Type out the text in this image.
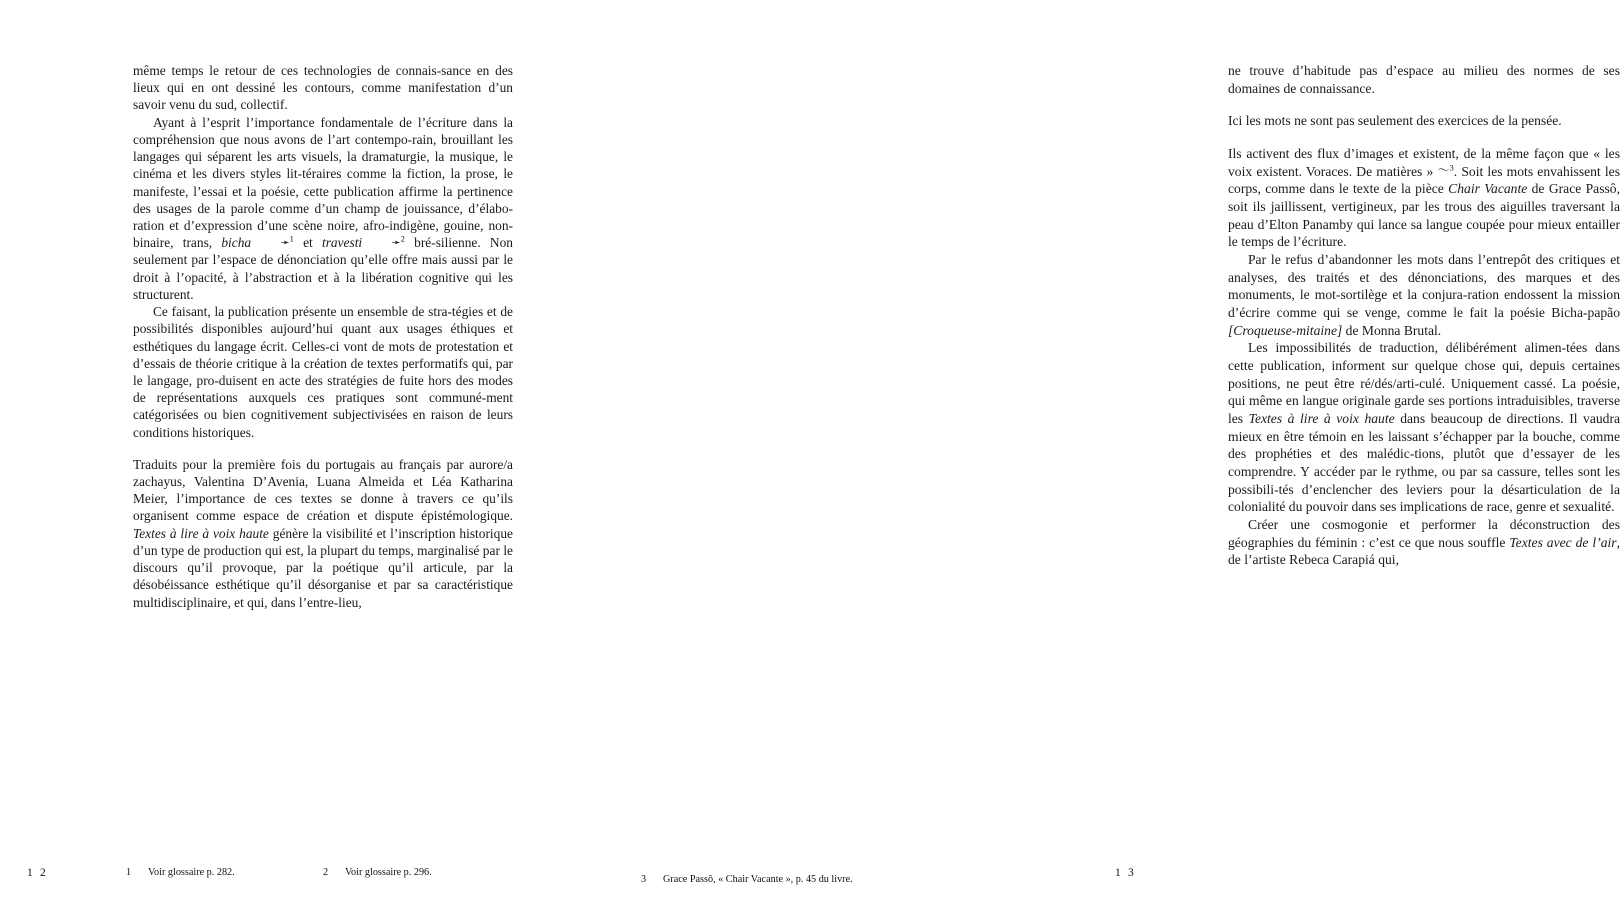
même temps le retour de ces technologies de connais-sance en des lieux qui en ont dessiné les contours, comme manifestation d’un savoir venu du sud, collectif.

Ayant à l’esprit l’importance fondamentale de l’écriture dans la compréhension que nous avons de l’art contempo-rain, brouillant les langages qui séparent les arts visuels, la dramaturgie, la musique, le cinéma et les divers styles lit-téraires comme la fiction, la prose, le manifeste, l’essai et la poésie, cette publication affirme la pertinence des usages de la parole comme d’un champ de jouissance, d’élabo-ration et d’expression d’une scène noire, afro-indigène, gouine, non-binaire, trans, bicha	➛$^1$ et travesti	➛$^2$ bré-silienne. Non seulement par l’espace de dénonciation qu’elle offre mais aussi par le droit à l’opacité, à l’abstraction et à la libération cognitive qui les structurent.

Ce faisant, la publication présente un ensemble de stra-tégies et de possibilités disponibles aujourd’hui quant aux usages éthiques et esthétiques du langage écrit. Celles-ci vont de mots de protestation et d’essais de théorie critique à la création de textes performatifs qui, par le langage, pro-duisent en acte des stratégies de fuite hors des modes de représentations auxquels ces pratiques sont communé-ment catégorisées ou bien cognitivement subjectivisées en raison de leurs conditions historiques.

Traduits pour la première fois du portugais au français par aurore/a zachayus, Valentina D’Avenia, Luana Almeida et Léa Katharina Meier, l’importance de ces textes se donne à travers ce qu’ils organisent comme espace de création et dispute épistémologique. Textes à lire à voix haute génère la visibilité et l’inscription historique d’un type de production qui est, la plupart du temps, marginalisé par le discours qu’il provoque, par la poétique qu’il articule, par la désobéissance esthétique qu’il désorganise et par sa caractéristique multidisciplinaire, et qui, dans l’entre-lieu,

ne trouve d’habitude pas d’espace au milieu des normes de ses domaines de connaissance.

Ici les mots ne sont pas seulement des exercices de la pensée.

Ils activent des flux d’images et existent, de la même façon que « les voix existent. Voraces. De matières » 〜$^3$. Soit les mots envahissent les corps, comme dans le texte de la pièce Chair Vacante de Grace Passô, soit ils jaillissent, vertigineux, par les trous des aiguilles traversant la peau d’Elton Panamby qui lance sa langue coupée pour mieux entailler le temps de l’écriture.

Par le refus d’abandonner les mots dans l’entrepôt des critiques et analyses, des traités et des dénonciations, des marques et des monuments, le mot-sortilège et la conjura-ration endossent la mission d’écrire comme qui se venge, comme le fait la poésie Bicha-papão [Croqueuse-mitaine] de Monna Brutal.

Les impossibilités de traduction, délibérément alimen-tées dans cette publication, informent sur quelque chose qui, depuis certaines positions, ne peut être ré/dés/arti-culé. Uniquement cassé. La poésie, qui même en langue originale garde ses portions intraduisibles, traverse les Textes à lire à voix haute dans beaucoup de directions. Il vaudra mieux en être témoin en les laissant s’échapper par la bouche, comme des prophéties et des malédic-tions, plutôt que d’essayer de les comprendre. Y accéder par le rythme, ou par sa cassure, telles sont les possibili-tés d’enclencher des leviers pour la désarticulation de la colonialité du pouvoir dans ses implications de race, genre et sexualité.

Créer une cosmogonie et performer la déconstruction des géographies du féminin : c’est ce que nous souffle Textes avec de l’air, de l’artiste Rebeca Carapiá qui,

1 2	1 3
1	Voir glossaire p. 282.	2	Voir glossaire p. 296.
3	Grace Passô, « Chair Vacante », p. 45 du livre.
